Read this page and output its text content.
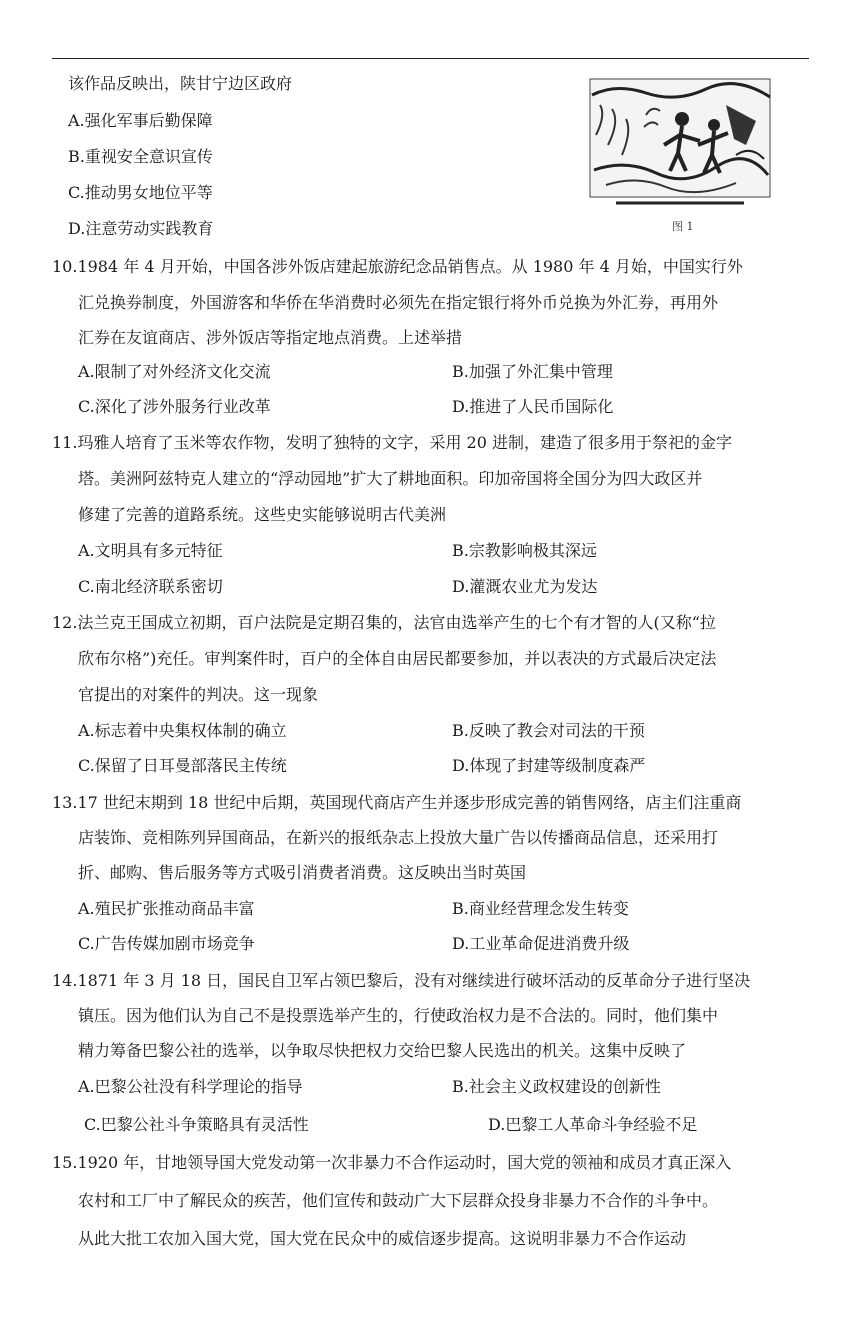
该作品反映出，陕甘宁边区政府
A.强化军事后勤保障
B.重视安全意识宣传
C.推动男女地位平等
D.注意劳动实践教育	图 1
10.1984 年 4 月开始，中国各涉外饭店建起旅游纪念品销售点。从 1980 年 4 月始，中国实行外
汇兑换券制度，外国游客和华侨在华消费时必须先在指定银行将外币兑换为外汇券，再用外
汇券在友谊商店、涉外饭店等指定地点消费。上述举措
A.限制了对外经济文化交流	B.加强了外汇集中管理
C.深化了涉外服务行业改革	D.推进了人民币国际化
11.玛雅人培育了玉米等农作物，发明了独特的文字，采用 20 进制，建造了很多用于祭祀的金字
塔。美洲阿兹特克人建立的“浮动园地”扩大了耕地面积。印加帝国将全国分为四大政区并
修建了完善的道路系统。这些史实能够说明古代美洲
A.文明具有多元特征	B.宗教影响极其深远
C.南北经济联系密切	D.灌溉农业尤为发达
12.法兰克王国成立初期，百户法院是定期召集的，法官由选举产生的七个有才智的人(又称“拉
欣布尔格”)充任。审判案件时，百户的全体自由居民都要参加，并以表决的方式最后决定法
官提出的对案件的判决。这一现象
A.标志着中央集权体制的确立	B.反映了教会对司法的干预
C.保留了日耳曼部落民主传统	D.体现了封建等级制度森严
13.17 世纪末期到 18 世纪中后期，英国现代商店产生并逐步形成完善的销售网络，店主们注重商
店装饰、竞相陈列异国商品，在新兴的报纸杂志上投放大量广告以传播商品信息，还采用打
折、邮购、售后服务等方式吸引消费者消费。这反映出当时英国
A.殖民扩张推动商品丰富	B.商业经营理念发生转变
C.广告传媒加剧市场竞争	D.工业革命促进消费升级
14.1871 年 3 月 18 日，国民自卫军占领巴黎后，没有对继续进行破坏活动的反革命分子进行坚决
镇压。因为他们认为自己不是投票选举产生的，行使政治权力是不合法的。同时，他们集中
精力筹备巴黎公社的选举，以争取尽快把权力交给巴黎人民选出的机关。这集中反映了
A.巴黎公社没有科学理论的指导	B.社会主义政权建设的创新性
C.巴黎公社斗争策略具有灵活性	D.巴黎工人革命斗争经验不足
15.1920 年，甘地领导国大党发动第一次非暴力不合作运动时，国大党的领袖和成员才真正深入
农村和工厂中了解民众的疾苦，他们宣传和鼓动广大下层群众投身非暴力不合作的斗争中。
从此大批工农加入国大党，国大党在民众中的威信逐步提高。这说明非暴力不合作运动
